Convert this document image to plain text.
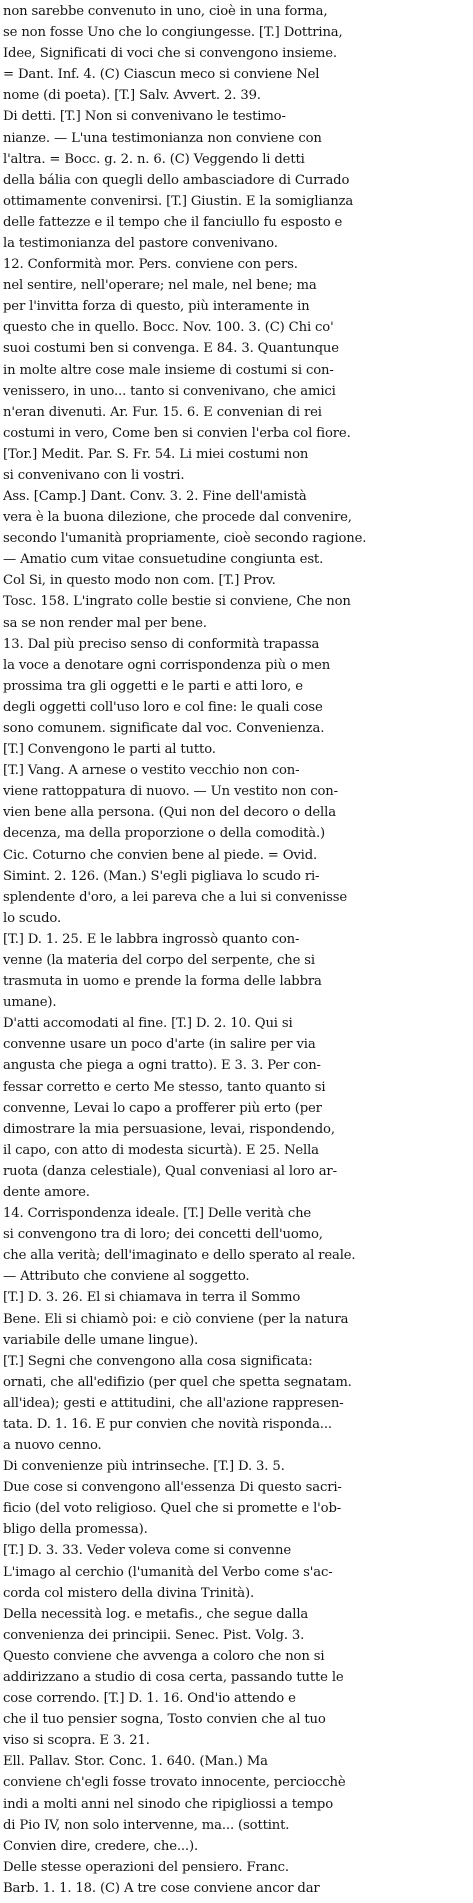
non sarebbe convenuto in uno, cioè in una forma,
se non fosse Uno che lo congiungesse. [T.] Dottrina,
Idee, Significati di voci che si convengono insieme.
= Dant. Inf. 4. (C) Ciascun meco si conviene Nel
nome (di poeta). [T.] Salv. Avvert. 2. 39.
Di detti. [T.] Non si convenivano le testimo-
nianze. — L'una testimonianza non conviene con
l'altra. = Bocc. g. 2. n. 6. (C) Veggendo li detti
della bália con quegli dello ambasciadore di Currado
ottimamente convenirsi. [T.] Giustin. E la somiglianza
delle fattezze e il tempo che il fanciullo fu esposto e
la testimonianza del pastore convenivano.
12. Conformità mor. Pers. conviene con pers.
nel sentire, nell'operare; nel male, nel bene; ma
per l'invitta forza di questo, più interamente in
questo che in quello. Bocc. Nov. 100. 3. (C) Chi co'
suoi costumi ben si convenga. E 84. 3. Quantunque
in molte altre cose male insieme di costumi si con-
venissero, in uno... tanto si convenivano, che amici
n'eran divenuti. Ar. Fur. 15. 6. E convenian di rei
costumi in vero, Come ben si convien l'erba col fiore.
[Tor.] Medit. Par. S. Fr. 54. Li miei costumi non
si convenivano con li vostri.
Ass. [Camp.] Dant. Conv. 3. 2. Fine dell'amistà
vera è la buona dilezione, che procede dal convenire,
secondo l'umanità propriamente, cioè secondo ragione.
— Amatio cum vitae consuetudine congiunta est.
Col Si, in questo modo non com. [T.] Prov.
Tosc. 158. L'ingrato colle bestie si conviene, Che non
sa se non render mal per bene.
13. Dal più preciso senso di conformità trapassa
la voce a denotare ogni corrispondenza più o men
prossima tra gli oggetti e le parti e atti loro, e
degli oggetti coll'uso loro e col fine: le quali cose
sono comunem. significate dal voc. Convenienza.
[T.] Convengono le parti al tutto.
[T.] Vang. A arnese o vestito vecchio non con-
viene rattoppatura di nuovo. — Un vestito non con-
vien bene alla persona. (Qui non del decoro o della
decenza, ma della proporzione o della comodità.)
Cic. Coturno che convien bene al piede. = Ovid.
Simint. 2. 126. (Man.) S'egli pigliava lo scudo ri-
splendente d'oro, a lei pareva che a lui si convenisse
lo scudo.
[T.] D. 1. 25. E le labbra ingrossò quanto con-
venne (la materia del corpo del serpente, che si
trasmuta in uomo e prende la forma delle labbra
umane).
D'atti accomodati al fine. [T.] D. 2. 10. Qui si
convenne usare un poco d'arte (in salire per via
angusta che piega a ogni tratto). E 3. 3. Per con-
fessar corretto e certo Me stesso, tanto quanto si
convenne, Levai lo capo a profferer più erto (per
dimostrare la mia persuasione, levai, rispondendo,
il capo, con atto di modesta sicurtà). E 25. Nella
ruota (danza celestiale), Qual conveniasi al loro ar-
dente amore.
14. Corrispondenza ideale. [T.] Delle verità che
si convengono tra di loro; dei concetti dell'uomo,
che alla verità; dell'imaginato e dello sperato al reale.
— Attributo che conviene al soggetto.
[T.] D. 3. 26. El si chiamava in terra il Sommo
Bene. Eli si chiamò poi: e ciò conviene (per la natura
variabile delle umane lingue).
[T.] Segni che convengono alla cosa significata:
ornati, che all'edifizio (per quel che spetta segnatam.
all'idea); gesti e attitudini, che all'azione rappresen-
tata. D. 1. 16. E pur convien che novità risponda...
a nuovo cenno.
Di convenienze più intrinseche. [T.] D. 3. 5.
Due cose si convengono all'essenza Di questo sacri-
ficio (del voto religioso. Quel che si promette e l'ob-
bligo della promessa).
[T.] D. 3. 33. Veder voleva come si convenne
L'imago al cerchio (l'umanità del Verbo come s'ac-
corda col mistero della divina Trinità).
Della necessità log. e metafis., che segue dalla
convenienza dei principii. Senec. Pist. Volg. 3.
Questo conviene che avvenga a coloro che non si
addirizzano a studio di cosa certa, passando tutte le
cose correndo. [T.] D. 1. 16. Ond'io attendo e
che il tuo pensier sogna, Tosto convien che al tuo
viso si scopra. E 3. 21.
Ell. Pallav. Stor. Conc. 1. 640. (Man.) Ma
conviene ch'egli fosse trovato innocente, perciocchè
indi a molti anni nel sinodo che ripigliossi a tempo
di Pio IV, non solo intervenne, ma... (sottint.
Convien dire, credere, che...).
Delle stesse operazioni del pensiero. Franc.
Barb. 1. 1. 18. (C) A tre cose conviene ancor dar
